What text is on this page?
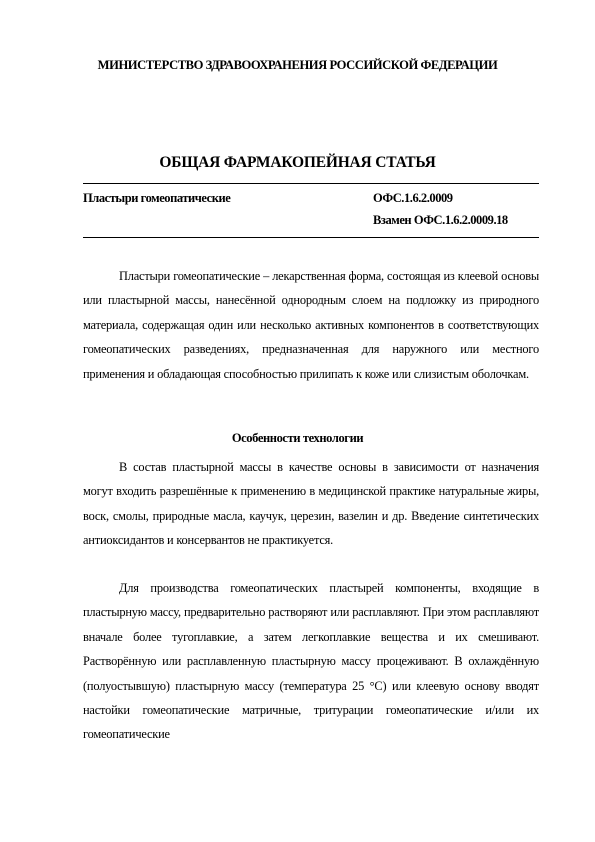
МИНИСТЕРСТВО ЗДРАВООХРАНЕНИЯ РОССИЙСКОЙ ФЕДЕРАЦИИ
ОБЩАЯ ФАРМАКОПЕЙНАЯ СТАТЬЯ
Пластыри гомеопатические	ОФС.1.6.2.0009
Взамен ОФС.1.6.2.0009.18
Пластыри гомеопатические – лекарственная форма, состоящая из клеевой основы или пластырной массы, нанесённой однородным слоем на подложку из природного материала, содержащая один или несколько активных компонентов в соответствующих гомеопатических разведениях, предназначенная для наружного или местного применения и обладающая способностью прилипать к коже или слизистым оболочкам.
Особенности технологии
В состав пластырной массы в качестве основы в зависимости от назначения могут входить разрешённые к применению в медицинской практике натуральные жиры, воск, смолы, природные масла, каучук, церезин, вазелин и др. Введение синтетических антиоксидантов и консервантов не практикуется.
Для производства гомеопатических пластырей компоненты, входящие в пластырную массу, предварительно растворяют или расплавляют. При этом расплавляют вначале более тугоплавкие, а затем легкоплавкие вещества и их смешивают. Растворённую или расплавленную пластырную массу процеживают. В охлаждённую (полуостывшую) пластырную массу (температура 25 °С) или клеевую основу вводят настойки гомеопатические матричные, тритурации гомеопатические и/или их гомеопатические
